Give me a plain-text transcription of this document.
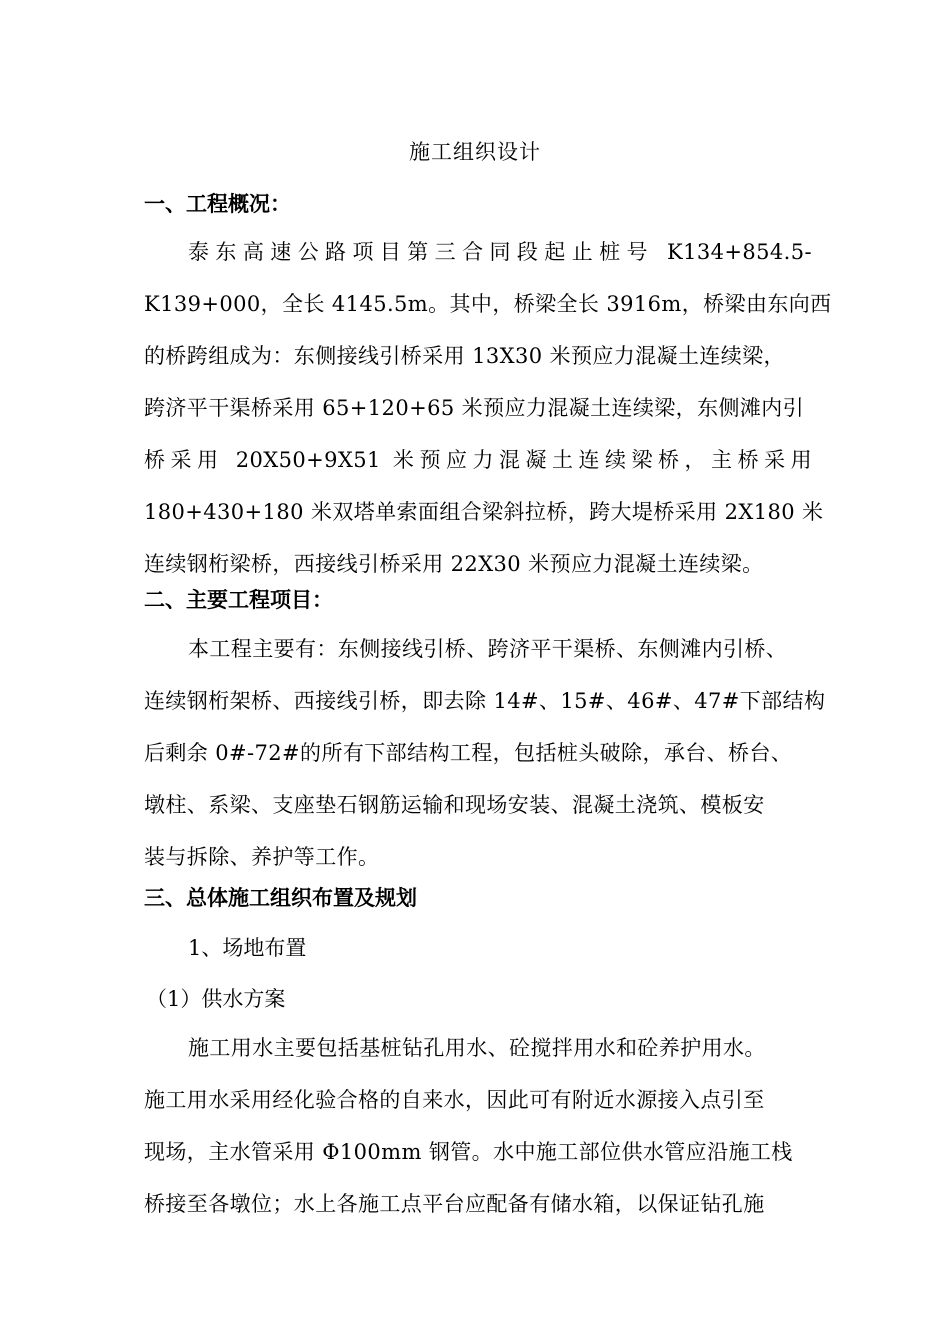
施工组织设计
一、工程概况：
泰东高速公路项目第三合同段起止桩号 K134+854.5-
K139+000，全长 4145.5m。其中，桥梁全长 3916m，桥梁由东向西
的桥跨组成为：东侧接线引桥采用 13X30 米预应力混凝土连续梁，
跨济平干渠桥采用 65+120+65 米预应力混凝土连续梁，东侧滩内引
桥采用 20X50+9X51 米预应力混凝土连续梁桥，主桥采用
180+430+180 米双塔单索面组合梁斜拉桥，跨大堤桥采用 2X180 米
连续钢桁梁桥，西接线引桥采用 22X30 米预应力混凝土连续梁。
二、主要工程项目：
本工程主要有：东侧接线引桥、跨济平干渠桥、东侧滩内引桥、
连续钢桁架桥、西接线引桥，即去除 14#、15#、46#、47#下部结构
后剩余 0#-72#的所有下部结构工程，包括桩头破除，承台、桥台、
墩柱、系梁、支座垫石钢筋运输和现场安装、混凝土浇筑、模板安
装与拆除、养护等工作。
三、总体施工组织布置及规划
1、场地布置
（1）供水方案
施工用水主要包括基桩钻孔用水、砼搅拌用水和砼养护用水。
施工用水采用经化验合格的自来水，因此可有附近水源接入点引至
现场，主水管采用 Φ100mm 钢管。水中施工部位供水管应沿施工栈
桥接至各墩位；水上各施工点平台应配备有储水箱，以保证钻孔施
